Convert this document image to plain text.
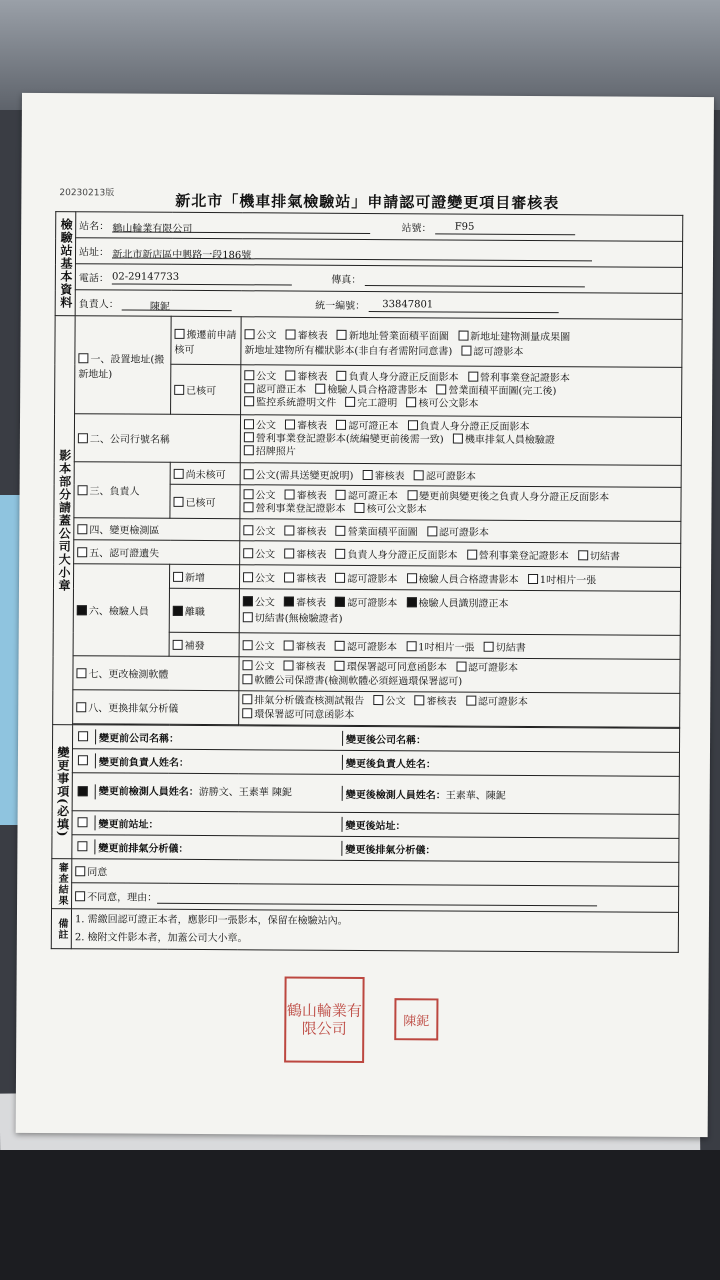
20230213版	新北市「機車排氣檢驗站」申請認可證變更項目審核表
檢驗站基本資料	站名： 鶴山輪業有限公司	站號： F95
站址： 新北市新店區中興路一段186號
電話： 02-29147733	傳真：
負責人：	陳鈮	統一編號： 33847801
影本部分請蓋公司大小章	一、設置地址(搬新地址)	搬遷前申請核可	公文 審核表 新地址營業面積平面圖 新地址建物測量成果圖
新地址建物所有權狀影本(非自有者需附同意書) 認可證影本
已核可	公文 審核表 負責人身分證正反面影本 營利事業登記證影本
認可證正本 檢驗人員合格證書影本 營業面積平面圖(完工後)
監控系統證明文件 完工證明 核可公文影本
二、公司行號名稱	公文 審核表 認可證正本 負責人身分證正反面影本
營利事業登記證影本(統編變更前後需一致) 機車排氣人員檢驗證
招牌照片
三、負責人	尚未核可	公文(需具送變更說明) 審核表 認可證影本
已核可	公文 審核表 認可證正本 變更前與變更後之負責人身分證正反面影本
營利事業登記證影本 核可公文影本
四、變更檢測區	公文 審核表 營業面積平面圖 認可證影本
五、認可證遺失	公文 審核表 負責人身分證正反面影本 營利事業登記證影本 切結書
六、檢驗人員	新增	公文 審核表 認可證影本 檢驗人員合格證書影本 1吋相片一張
離職	公文 審核表 認可證影本 檢驗人員識別證正本
切結書(無檢驗證者)
補發	公文 審核表 認可證影本 1吋相片一張 切結書
七、更改檢測軟體	公文 審核表 環保署認可同意函影本 認可證影本
軟體公司保證書(檢測軟體必須經過環保署認可)
八、更換排氣分析儀	排氣分析儀查核測試報告 公文 審核表 認可證影本
環保署認可同意函影本

變更事項(必填)	
	變更前公司名稱：	變更後公司名稱：

	變更前負責人姓名：	變更後負責人姓名：

	變更前檢測人員姓名：游勝文、王素華 陳鈮	變更後檢測人員姓名：王素華、陳鈮

	變更前站址：	變更後站址：

	變更前排氣分析儀：	變更後排氣分析儀：

審查結果	同意
不同意，理由：
備註	1. 需繳回認可證正本者，應影印一張影本，保留在檢驗站內。
2. 檢附文件影本者，加蓋公司大小章。
鶴山輪業有限公司	陳鈮
